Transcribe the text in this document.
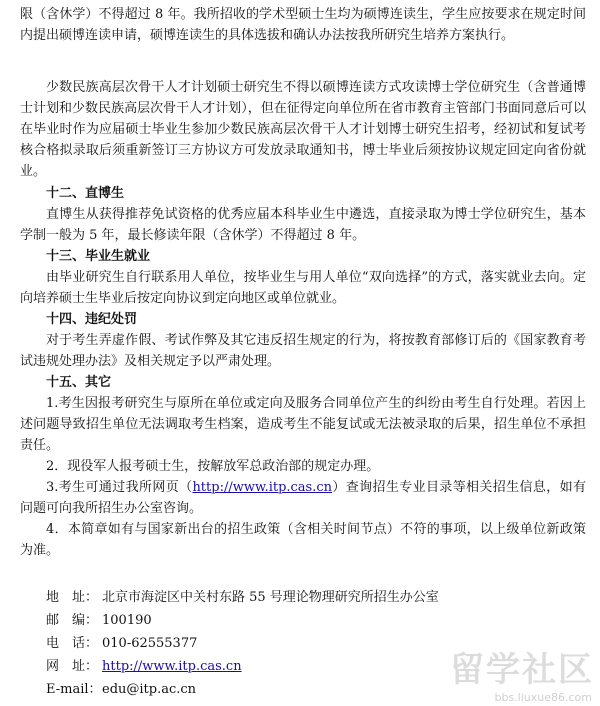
限（含休学）不得超过 8 年。我所招收的学术型硕士生均为硕博连读生，学生应按要求在规定时间内提出硕博连读申请，硕博连读生的具体选拔和确认办法按我所研究生培养方案执行。

少数民族高层次骨干人才计划硕士研究生不得以硕博连读方式攻读博士学位研究生（含普通博士计划和少数民族高层次骨干人才计划），但在征得定向单位所在省市教育主管部门书面同意后可以在毕业时作为应届硕士毕业生参加少数民族高层次骨干人才计划博士研究生招考，经初试和复试考核合格拟录取后须重新签订三方协议方可发放录取通知书，博士毕业后须按协议规定回定向省份就业。

十二、直博生

直博生从获得推荐免试资格的优秀应届本科毕业生中遴选，直接录取为博士学位研究生，基本学制一般为 5 年，最长修读年限（含休学）不得超过 8 年。

十三、毕业生就业

由毕业研究生自行联系用人单位，按毕业生与用人单位“双向选择”的方式，落实就业去向。定向培养硕士生毕业后按定向协议到定向地区或单位就业。

十四、违纪处罚

对于考生弄虚作假、考试作弊及其它违反招生规定的行为，将按教育部修订后的《国家教育考试违规处理办法》及相关规定予以严肃处理。

十五、其它

1.考生因报考研究生与原所在单位或定向及服务合同单位产生的纠纷由考生自行处理。若因上述问题导致招生单位无法调取考生档案，造成考生不能复试或无法被录取的后果，招生单位不承担责任。

2．现役军人报考硕士生，按解放军总政治部的规定办理。

3.考生可通过我所网页（http://www.itp.cas.cn）查询招生专业目录等相关招生信息，如有问题可向我所招生办公室咨询。

4．本简章如有与国家新出台的招生政策（含相关时间节点）不符的事项，以上级单位新政策为准。

地　址： 北京市海淀区中关村东路 55 号理论物理研究所招生办公室

邮　编： 100190

电　话： 010-62555377

网　址： http://www.itp.cas.cn

E-mail：edu@itp.ac.cn	留学社区
bbs.liuxue86.com
